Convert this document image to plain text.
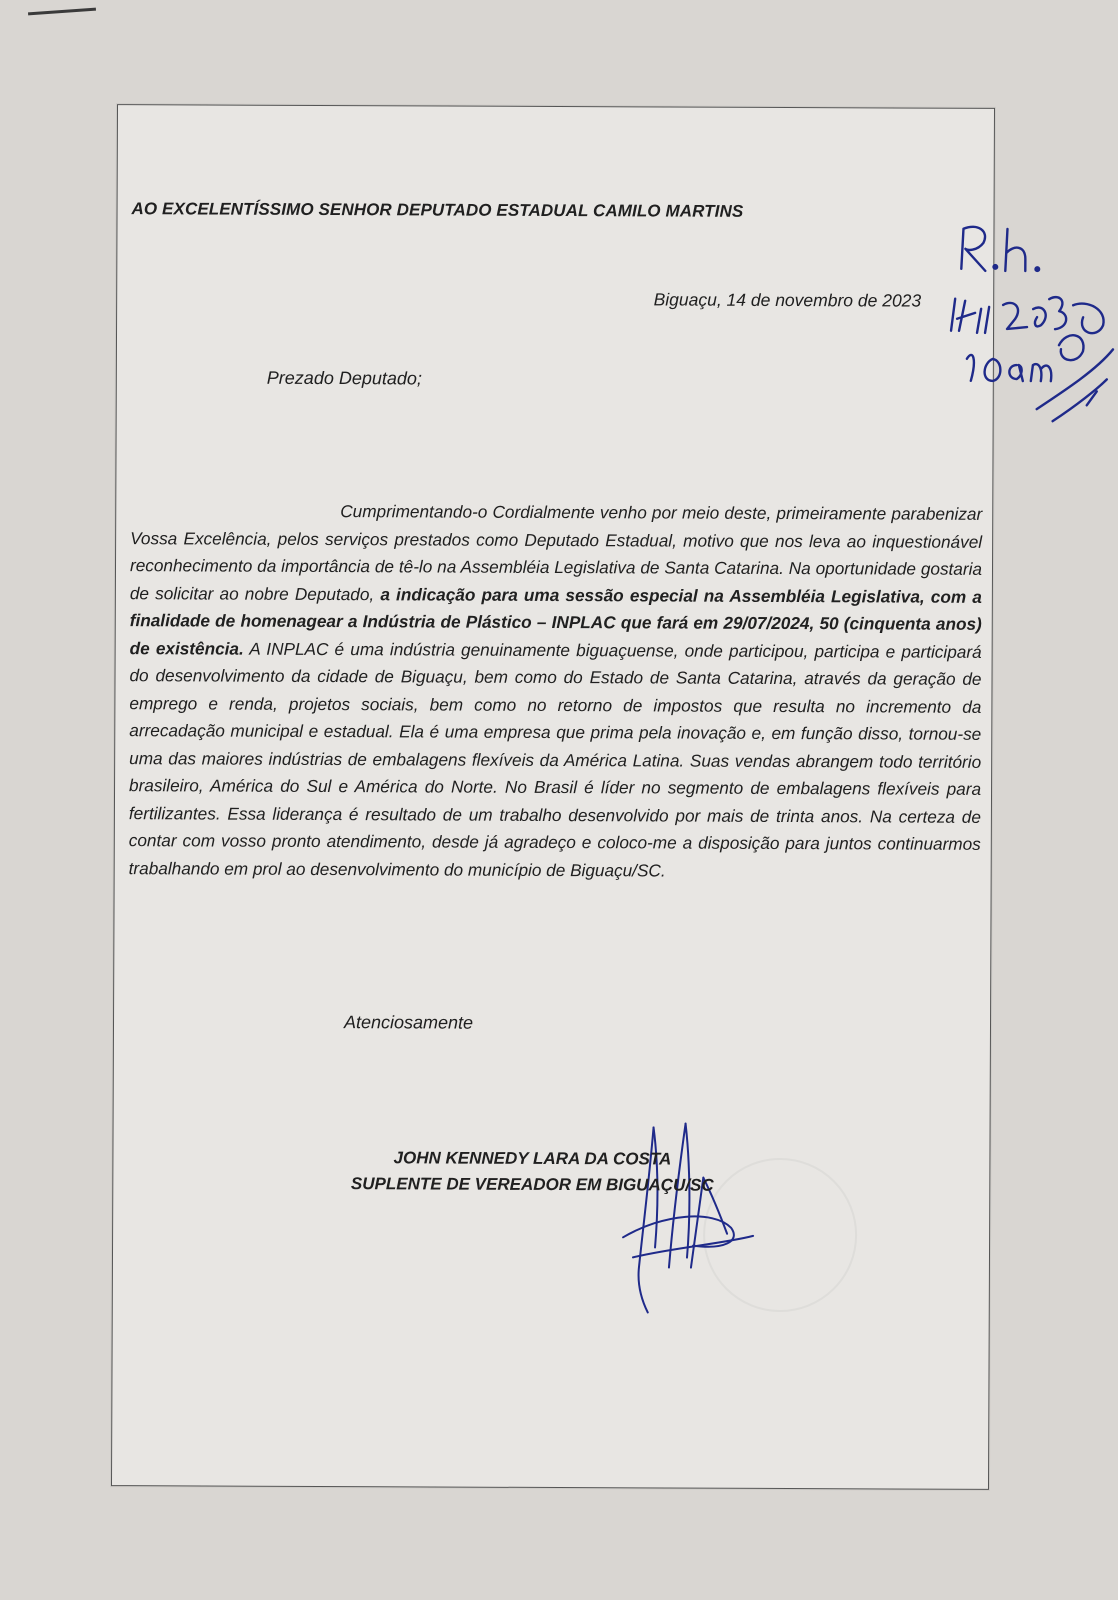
AO EXCELENTÍSSIMO SENHOR DEPUTADO ESTADUAL CAMILO MARTINS
Biguaçu, 14 de novembro de 2023
Prezado Deputado;

Cumprimentando-o Cordialmente venho por meio deste, primeiramente parabenizar Vossa Excelência, pelos serviços prestados como Deputado Estadual, motivo que nos leva ao inquestionável reconhecimento da importância de tê-lo na Assembléia Legislativa de Santa Catarina. Na oportunidade gostaria de solicitar ao nobre Deputado, a indicação para uma sessão especial na Assembléia Legislativa, com a finalidade de homenagear a Indústria de Plástico – INPLAC que fará em 29/07/2024, 50 (cinquenta anos) de existência. A INPLAC é uma indústria genuinamente biguaçuense, onde participou, participa e participará do desenvolvimento da cidade de Biguaçu, bem como do Estado de Santa Catarina, através da geração de emprego e renda, projetos sociais, bem como no retorno de impostos que resulta no incremento da arrecadação municipal e estadual. Ela é uma empresa que prima pela inovação e, em função disso, tornou-se uma das maiores indústrias de embalagens flexíveis da América Latina. Suas vendas abrangem todo território brasileiro, América do Sul e América do Norte. No Brasil é líder no segmento de embalagens flexíveis para fertilizantes. Essa liderança é resultado de um trabalho desenvolvido por mais de trinta anos. Na certeza de contar com vosso pronto atendimento, desde já agradeço e coloco-me a disposição para juntos continuarmos trabalhando em prol ao desenvolvimento do município de Biguaçu/SC.

Atenciosamente
JOHN KENNEDY LARA DA COSTA
SUPLENTE DE VEREADOR EM BIGUAÇU/SC
